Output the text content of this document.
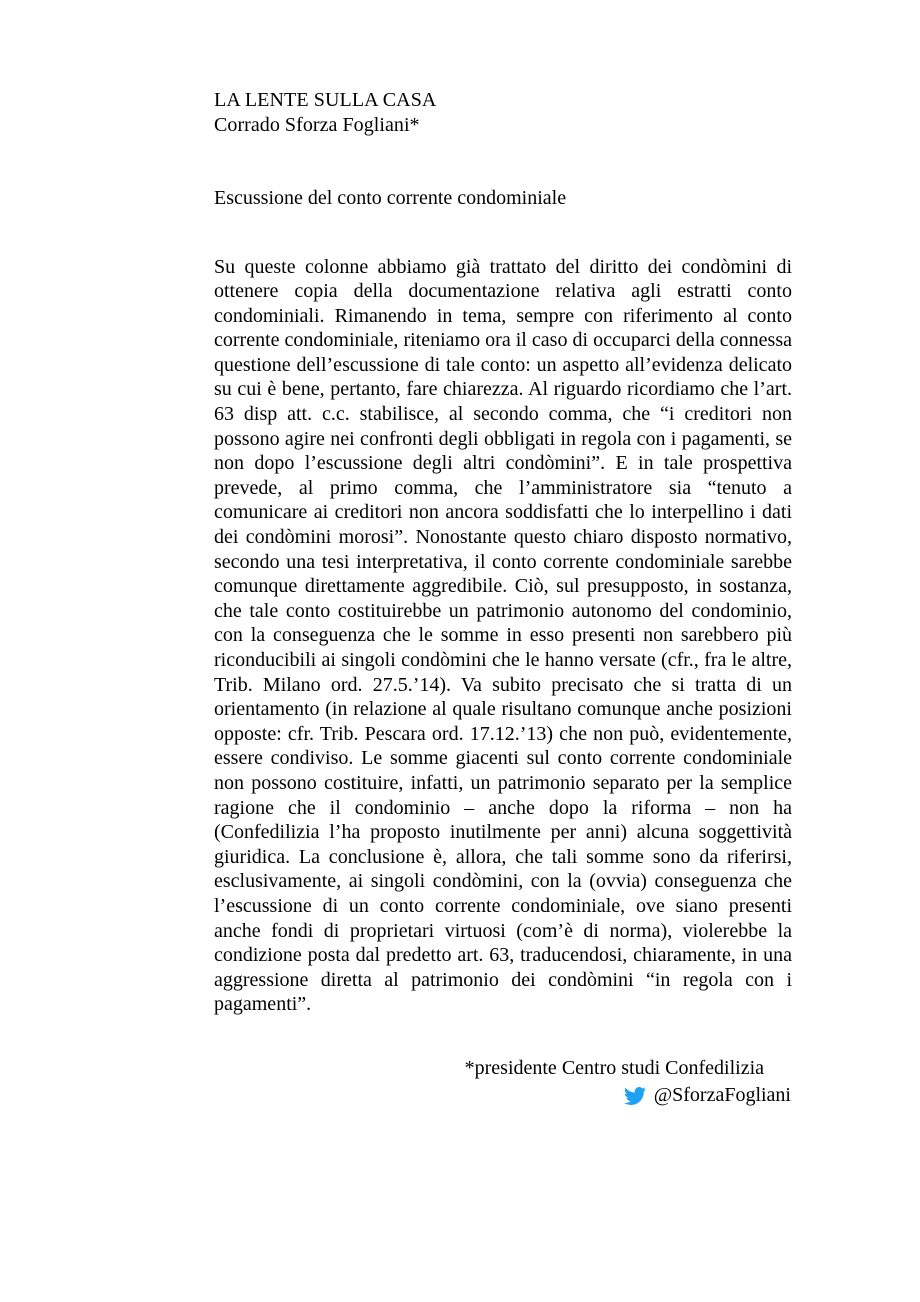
LA LENTE SULLA CASA
Corrado Sforza Fogliani*
Escussione del conto corrente condominiale

Su queste colonne abbiamo già trattato del diritto dei condòmini di ottenere copia della documentazione relativa agli estratti conto condominiali. Rimanendo in tema, sempre con riferimento al conto corrente condominiale, riteniamo ora il caso di occuparci della connessa questione dell’escussione di tale conto: un aspetto all’evidenza delicato su cui è bene, pertanto, fare chiarezza. Al riguardo ricordiamo che l’art. 63 disp att. c.c. stabilisce, al secondo comma, che “i creditori non possono agire nei confronti degli obbligati in regola con i pagamenti, se non dopo l’escussione degli altri condòmini”. E in tale prospettiva prevede, al primo comma, che l’amministratore sia “tenuto a comunicare ai creditori non ancora soddisfatti che lo interpellino i dati dei condòmini morosi”. Nonostante questo chiaro disposto normativo, secondo una tesi interpretativa, il conto corrente condominiale sarebbe comunque direttamente aggredibile. Ciò, sul presupposto, in sostanza, che tale conto costituirebbe un patrimonio autonomo del condominio, con la conseguenza che le somme in esso presenti non sarebbero più riconducibili ai singoli condòmini che le hanno versate (cfr., fra le altre, Trib. Milano ord. 27.5.’14). Va subito precisato che si tratta di un orientamento (in relazione al quale risultano comunque anche posizioni opposte: cfr. Trib. Pescara ord. 17.12.’13) che non può, evidentemente, essere condiviso. Le somme giacenti sul conto corrente condominiale non possono costituire, infatti, un patrimonio separato per la semplice ragione che il condominio – anche dopo la riforma – non ha (Confedilizia l’ha proposto inutilmente per anni) alcuna soggettività giuridica. La conclusione è, allora, che tali somme sono da riferirsi, esclusivamente, ai singoli condòmini, con la (ovvia) conseguenza che l’escussione di un conto corrente condominiale, ove siano presenti anche fondi di proprietari virtuosi (com’è di norma), violerebbe la condizione posta dal predetto art. 63, traducendosi, chiaramente, in una aggressione diretta al patrimonio dei condòmini “in regola con i pagamenti”.

*presidente Centro studi Confedilizia
@SforzaFogliani
